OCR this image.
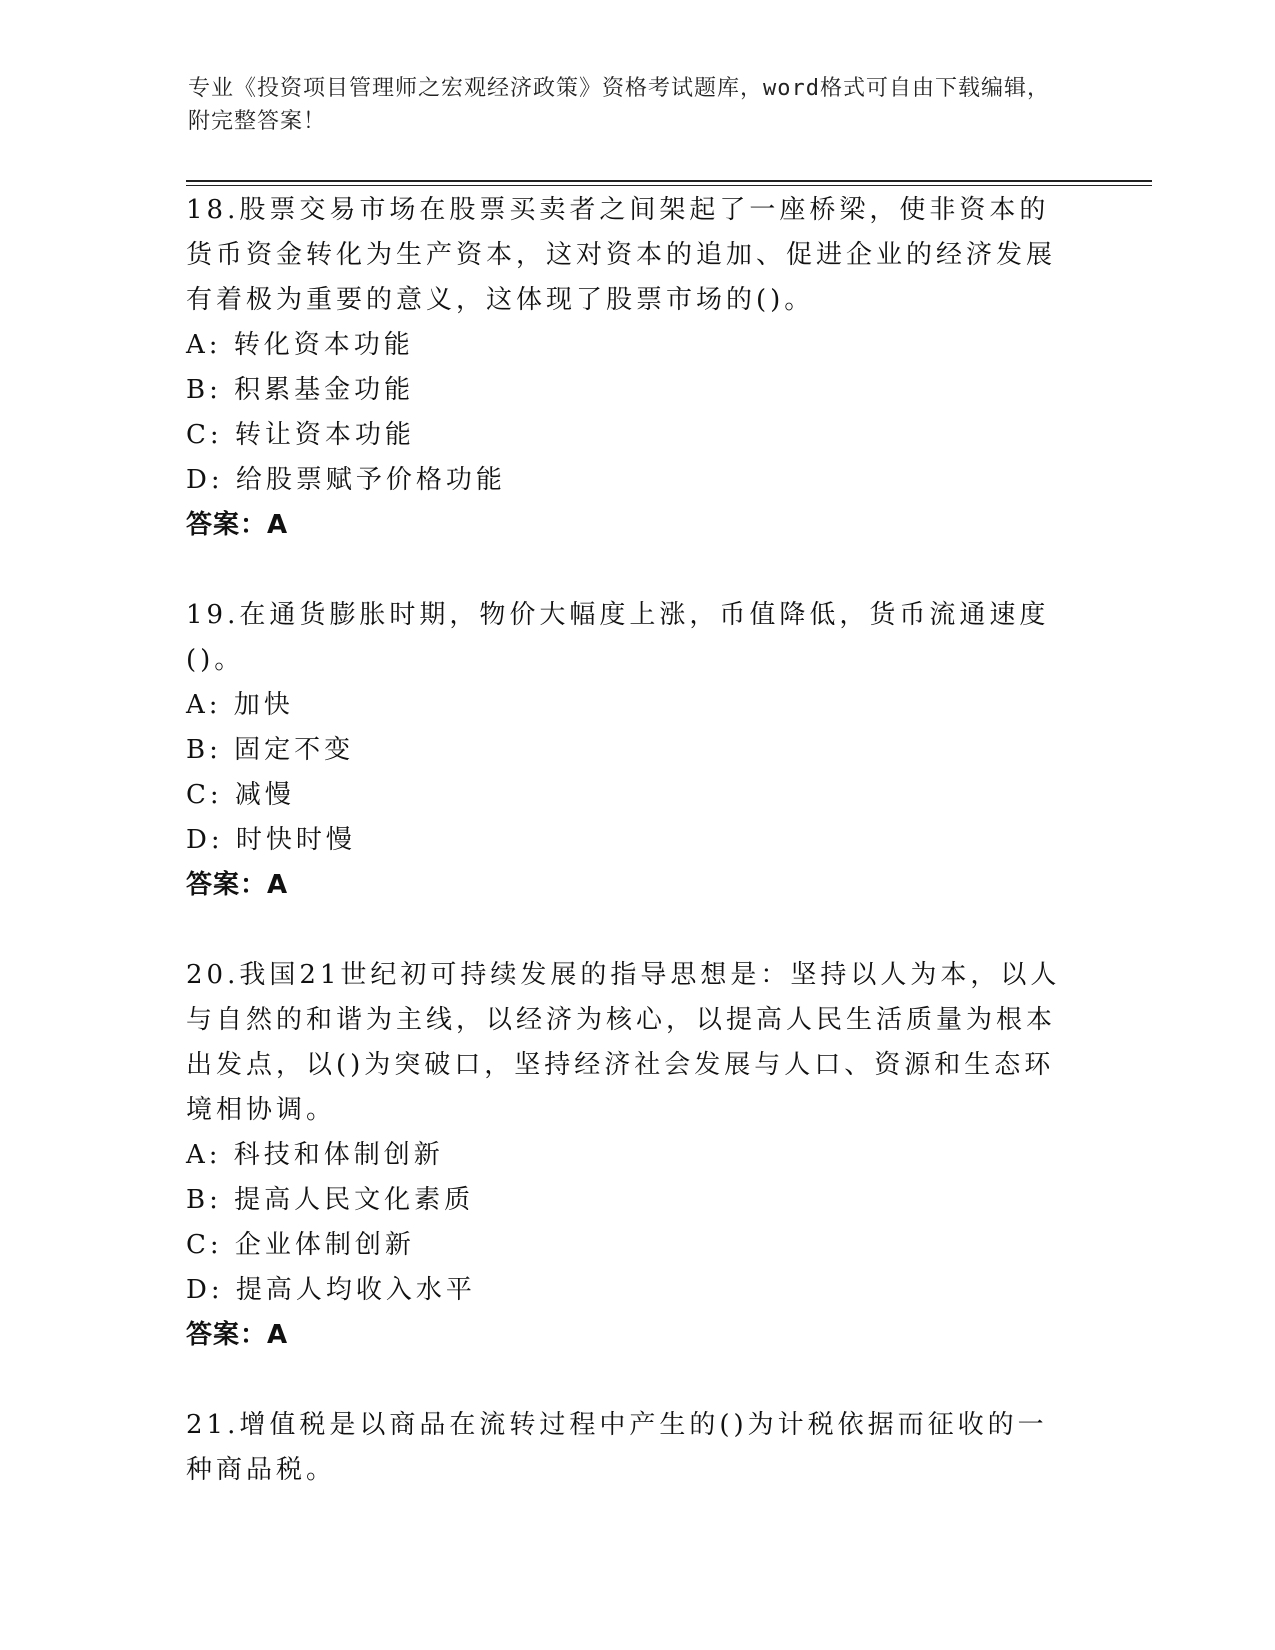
专业《投资项目管理师之宏观经济政策》资格考试题库，word格式可自由下载编辑，附完整答案！

18.股票交易市场在股票买卖者之间架起了一座桥梁，使非资本的货币资金转化为生产资本，这对资本的追加、促进企业的经济发展有着极为重要的意义，这体现了股票市场的()。

A: 转化资本功能

B: 积累基金功能

C: 转让资本功能

D: 给股票赋予价格功能

答案：A

19.在通货膨胀时期，物价大幅度上涨，币值降低，货币流通速度()。

A: 加快

B: 固定不变

C: 减慢

D: 时快时慢

答案：A

20.我国21世纪初可持续发展的指导思想是：坚持以人为本，以人与自然的和谐为主线，以经济为核心，以提高人民生活质量为根本出发点，以()为突破口，坚持经济社会发展与人口、资源和生态环境相协调。

A: 科技和体制创新

B: 提高人民文化素质

C: 企业体制创新

D: 提高人均收入水平

答案：A

21.增值税是以商品在流转过程中产生的()为计税依据而征收的一种商品税。
